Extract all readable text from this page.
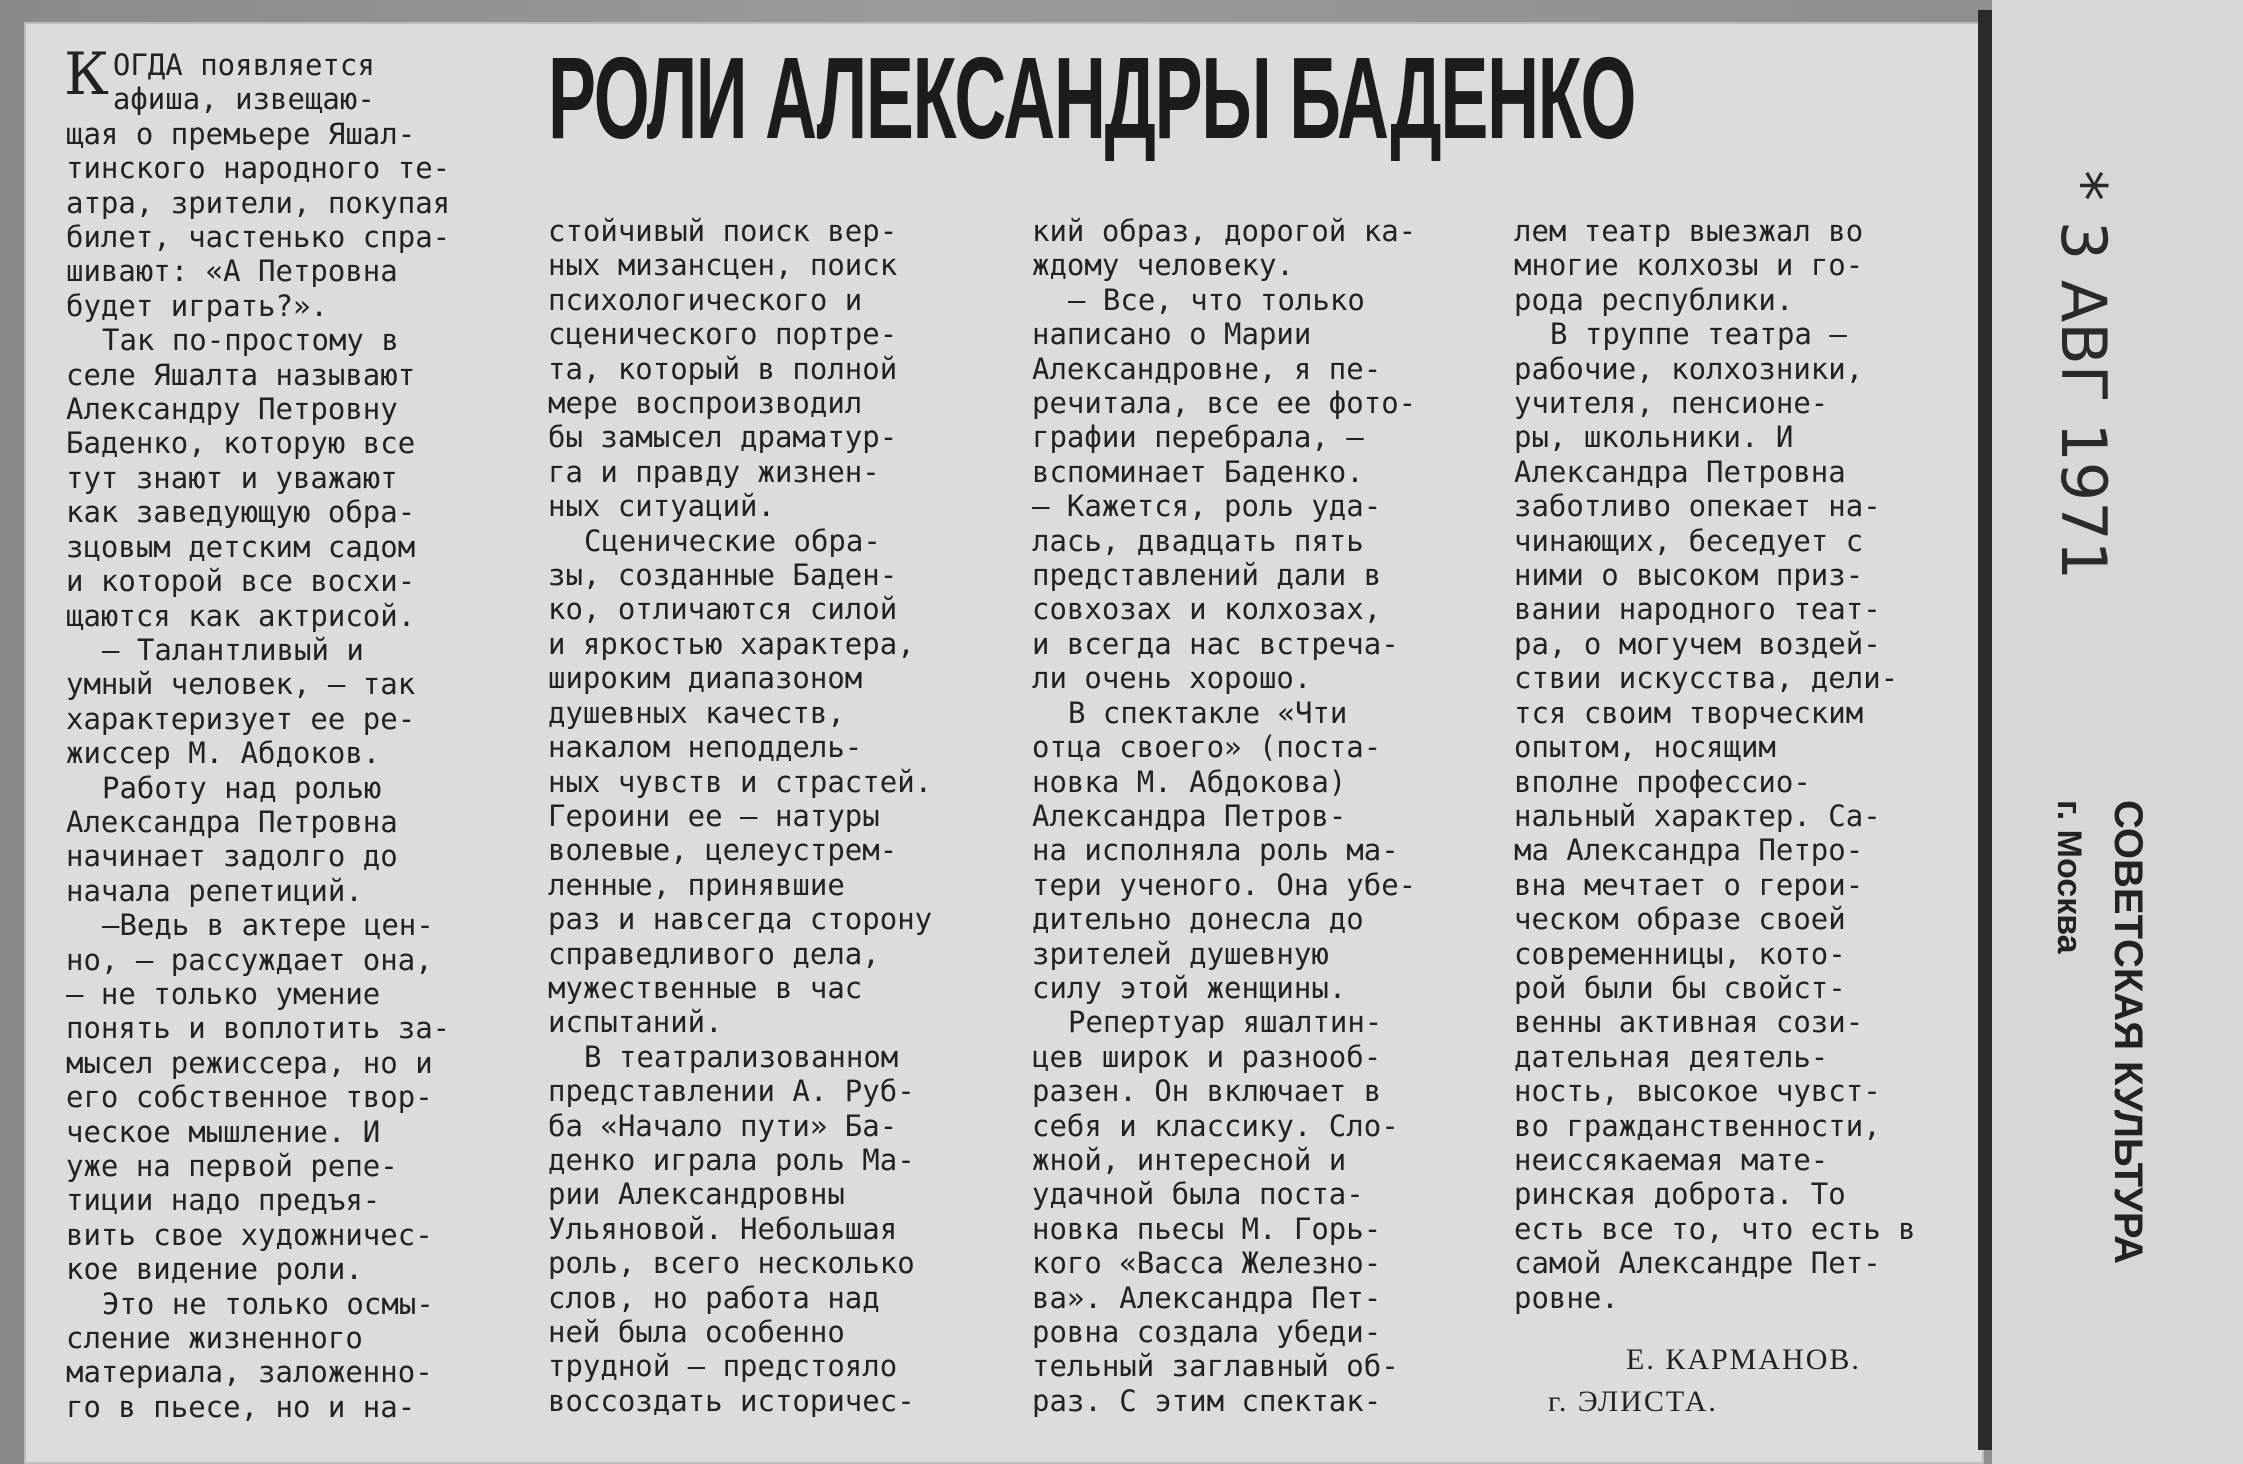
РОЛИ АЛЕКСАНДРЫ БАДЕНКО

КОГДА появляется
афиша, извещаю-
щая о премьере Яшал-
тинского народного те-
атра, зрители, покупая
билет, частенько спра-
шивают: «А Петровна
будет играть?».

Так по-простому в
селе Яшалта называют
Александру Петровну
Баденко, которую все
тут знают и уважают
как заведующую обра-
зцовым детским садом
и которой все восхи-
щаются как актрисой.

— Талантливый и
умный человек, — так
характеризует ее ре-
жиссер М. Абдоков.

Работу над ролью
Александра Петровна
начинает задолго до
начала репетиций.

—Ведь в актере цен-
но, — рассуждает она,
— не только умение
понять и воплотить за-
мысел режиссера, но и
его собственное твор-
ческое мышление. И
уже на первой репе-
тиции надо предъя-
вить свое художничес-
кое видение роли.

Это не только осмы-
сление жизненного
материала, заложенно-
го в пьесе, но и на-

стойчивый поиск вер-
ных мизансцен, поиск
психологического и
сценического портре-
та, который в полной
мере воспроизводил
бы замысел драматур-
га и правду жизнен-
ных ситуаций.

Сценические обра-
зы, созданные Баден-
ко, отличаются силой
и яркостью характера,
широким диапазоном
душевных качеств,
накалом неподдель-
ных чувств и страстей.
Героини ее — натуры
волевые, целеустрем-
ленные, принявшие
раз и навсегда сторону
справедливого дела,
мужественные в час
испытаний.

В театрализованном
представлении А. Руб-
ба «Начало пути» Ба-
денко играла роль Ма-
рии Александровны
Ульяновой. Небольшая
роль, всего несколько
слов, но работа над
ней была особенно
трудной — предстояло
воссоздать историчес-

кий образ, дорогой ка-
ждому человеку.

— Все, что только
написано о Марии
Александровне, я пе-
речитала, все ее фото-
графии перебрала, —
вспоминает Баденко.
— Кажется, роль уда-
лась, двадцать пять
представлений дали в
совхозах и колхозах,
и всегда нас встреча-
ли очень хорошо.

В спектакле «Чти
отца своего» (поста-
новка М. Абдокова)
Александра Петров-
на исполняла роль ма-
тери ученого. Она убе-
дительно донесла до
зрителей душевную
силу этой женщины.

Репертуар яшалтин-
цев широк и разнооб-
разен. Он включает в
себя и классику. Сло-
жной, интересной и
удачной была поста-
новка пьесы М. Горь-
кого «Васса Железно-
ва». Александра Пет-
ровна создала убеди-
тельный заглавный об-
раз. С этим спектак-

лем театр выезжал во
многие колхозы и го-
рода республики.

В труппе театра —
рабочие, колхозники,
учителя, пенсионе-
ры, школьники. И
Александра Петровна
заботливо опекает на-
чинающих, беседует с
ними о высоком приз-
вании народного теат-
ра, о могучем воздей-
ствии искусства, дели-
тся своим творческим
опытом, носящим
вполне профессио-
нальный характер. Са-
ма Александра Петро-
вна мечтает о герои-
ческом образе своей
современницы, кото-
рой были бы свойст-
венны активная сози-
дательная деятель-
ность, высокое чувст-
во гражданственности,
неиссякаемая мате-
ринская доброта. То
есть все то, что есть в
самой Александре Пет-
ровне.

Е. КАРМАНОВ.
г. ЭЛИСТА.
* 3 АВГ 1971
СОВЕТСКАЯ КУЛЬТУРА
г. Москва
